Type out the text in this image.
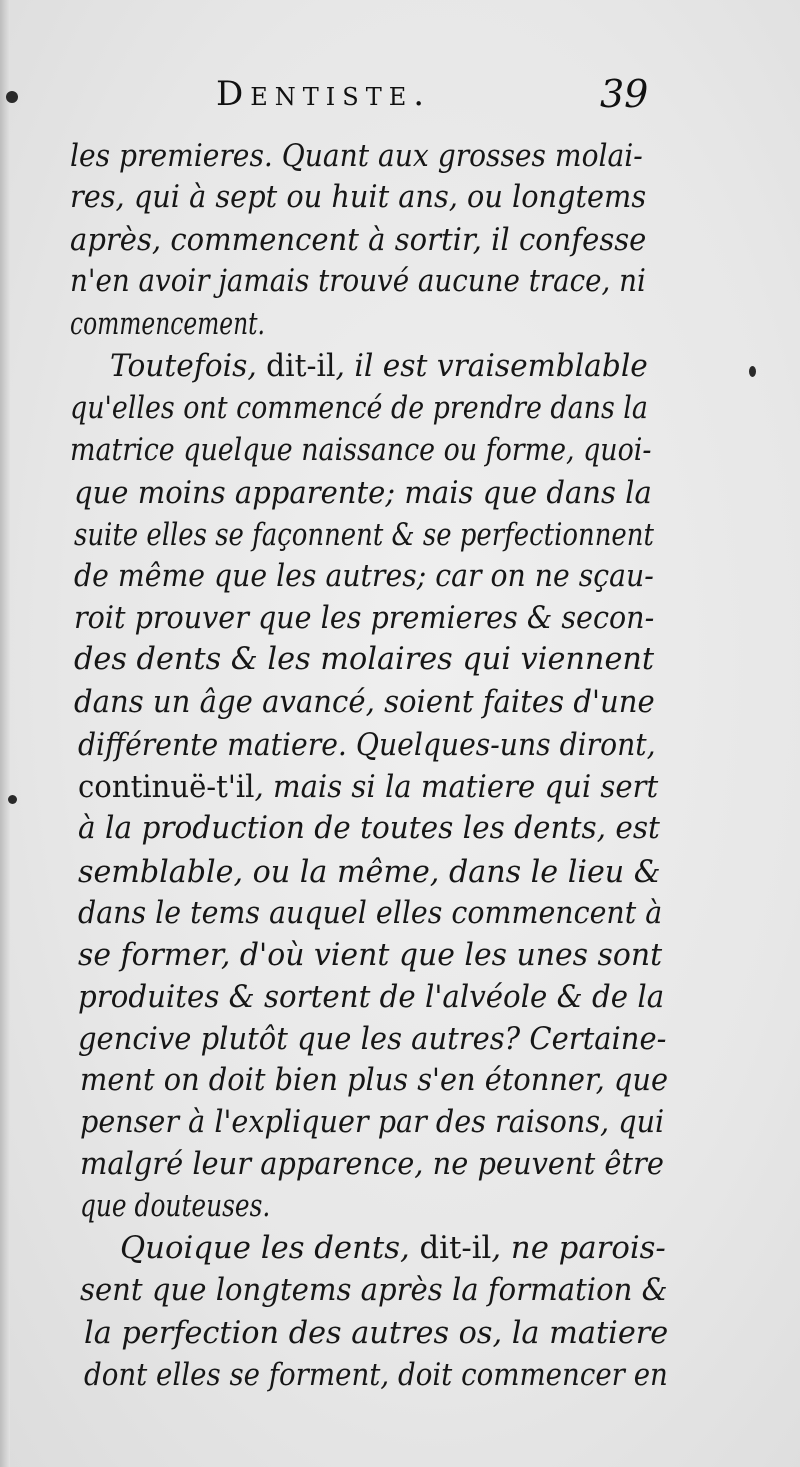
Dentiste.	39
les premieres. Quant aux grosses molai-
res, qui à sept ou huit ans, ou longtems
après, commencent à sortir, il confesse
n'en avoir jamais trouvé aucune trace, ni
commencement.
Toutefois, dit-il, il est vraisemblable
qu'elles ont commencé de prendre dans la
matrice quelque naissance ou forme, quoi-
que moins apparente; mais que dans la
suite elles se façonnent & se perfectionnent
de même que les autres; car on ne sçau-
roit prouver que les premieres & secon-
des dents & les molaires qui viennent
dans un âge avancé, soient faites d'une
différente matiere. Quelques-uns diront,
continuë-t'il, mais si la matiere qui sert
à la production de toutes les dents, est
semblable, ou la même, dans le lieu &
dans le tems auquel elles commencent à
se former, d'où vient que les unes sont
produites & sortent de l'alvéole & de la
gencive plutôt que les autres? Certaine-
ment on doit bien plus s'en étonner, que
penser à l'expliquer par des raisons, qui
malgré leur apparence, ne peuvent être
que douteuses.
Quoique les dents, dit-il, ne parois-
sent que longtems après la formation &
la perfection des autres os, la matiere
dont elles se forment, doit commencer en
